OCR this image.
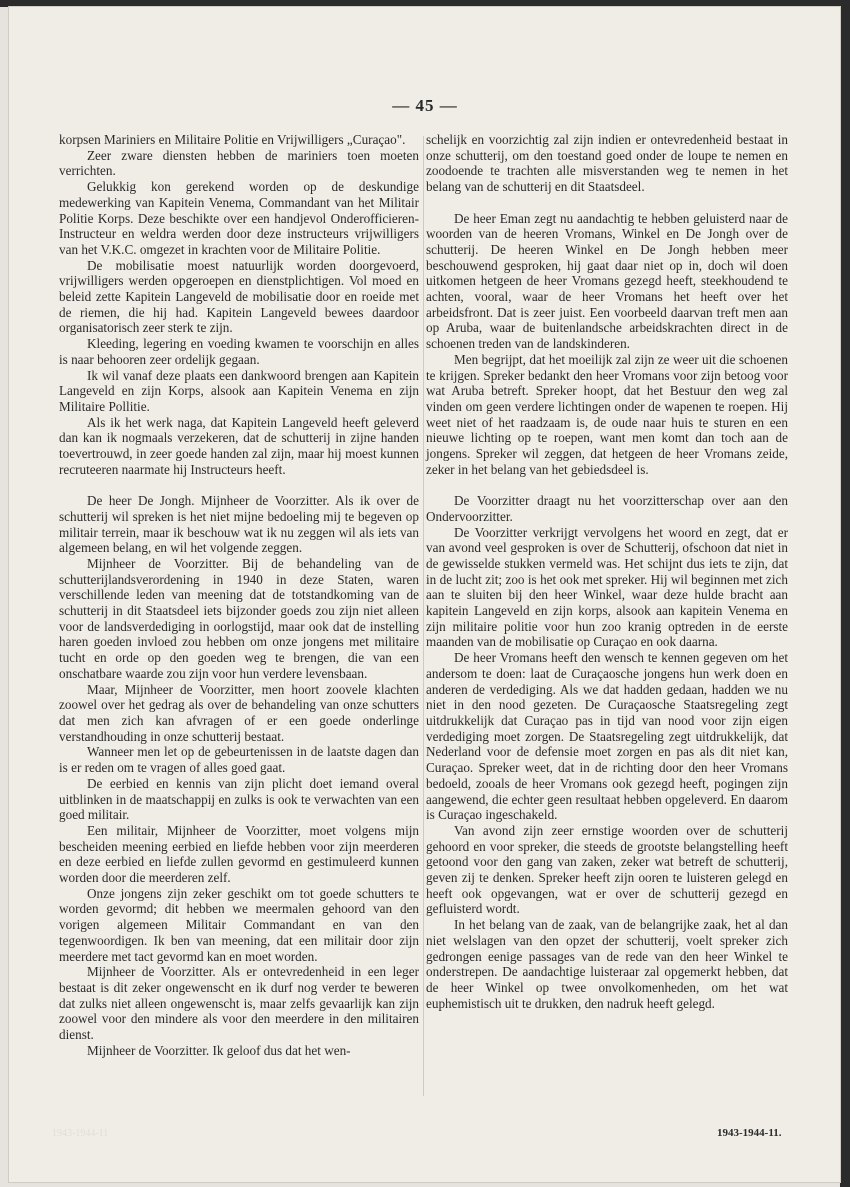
— 45 —

korpsen Mariniers en Militaire Politie en Vrijwilligers „Curaçao".

Zeer zware diensten hebben de mariniers toen moeten verrichten.

Gelukkig kon gerekend worden op de deskundige medewerking van Kapitein Venema, Commandant van het Militair Politie Korps. Deze beschikte over een handjevol Onderofficieren-Instructeur en weldra werden door deze instructeurs vrijwilligers van het V.K.C. omgezet in krachten voor de Militaire Politie.

De mobilisatie moest natuurlijk worden doorgevoerd, vrijwilligers werden opgeroepen en dienstplichtigen. Vol moed en beleid zette Kapitein Langeveld de mobilisatie door en roeide met de riemen, die hij had. Kapitein Langeveld bewees daardoor organisatorisch zeer sterk te zijn.

Kleeding, legering en voeding kwamen te voorschijn en alles is naar behooren zeer ordelijk gegaan.

Ik wil vanaf deze plaats een dankwoord brengen aan Kapitein Langeveld en zijn Korps, alsook aan Kapitein Venema en zijn Militaire Pollitie.

Als ik het werk naga, dat Kapitein Langeveld heeft geleverd dan kan ik nogmaals verzekeren, dat de schutterij in zijne handen toevertrouwd, in zeer goede handen zal zijn, maar hij moest kunnen recruteeren naarmate hij Instructeurs heeft.

De heer De Jongh. Mijnheer de Voorzitter. Als ik over de schutterij wil spreken is het niet mijne bedoeling mij te begeven op militair terrein, maar ik beschouw wat ik nu zeggen wil als iets van algemeen belang, en wil het volgende zeggen.

Mijnheer de Voorzitter. Bij de behandeling van de schutterijlandsverordening in 1940 in deze Staten, waren verschillende leden van meening dat de totstandkoming van de schutterij in dit Staatsdeel iets bijzonder goeds zou zijn niet alleen voor de landsverdediging in oorlogstijd, maar ook dat de instelling haren goeden invloed zou hebben om onze jongens met militaire tucht en orde op den goeden weg te brengen, die van een onschatbare waarde zou zijn voor hun verdere levensbaan.

Maar, Mijnheer de Voorzitter, men hoort zoovele klachten zoowel over het gedrag als over de behandeling van onze schutters dat men zich kan afvragen of er een goede onderlinge verstandhouding in onze schutterij bestaat.

Wanneer men let op de gebeurtenissen in de laatste dagen dan is er reden om te vragen of alles goed gaat.

De eerbied en kennis van zijn plicht doet iemand overal uitblinken in de maatschappij en zulks is ook te verwachten van een goed militair.

Een militair, Mijnheer de Voorzitter, moet volgens mijn bescheiden meening eerbied en liefde hebben voor zijn meerderen en deze eerbied en liefde zullen gevormd en gestimuleerd kunnen worden door die meerderen zelf.

Onze jongens zijn zeker geschikt om tot goede schutters te worden gevormd; dit hebben we meermalen gehoord van den vorigen algemeen Militair Commandant en van den tegenwoordigen. Ik ben van meening, dat een militair door zijn meerdere met tact gevormd kan en moet worden.

Mijnheer de Voorzitter. Als er ontevredenheid in een leger bestaat is dit zeker ongewenscht en ik durf nog verder te beweren dat zulks niet alleen ongewenscht is, maar zelfs gevaarlijk kan zijn zoowel voor den mindere als voor den meerdere in den militairen dienst.

Mijnheer de Voorzitter. Ik geloof dus dat het wen-

schelijk en voorzichtig zal zijn indien er ontevredenheid bestaat in onze schutterij, om den toestand goed onder de loupe te nemen en zoodoende te trachten alle misverstanden weg te nemen in het belang van de schutterij en dit Staatsdeel.

De heer Eman zegt nu aandachtig te hebben geluisterd naar de woorden van de heeren Vromans, Winkel en De Jongh over de schutterij. De heeren Winkel en De Jongh hebben meer beschouwend gesproken, hij gaat daar niet op in, doch wil doen uitkomen hetgeen de heer Vromans gezegd heeft, steekhoudend te achten, vooral, waar de heer Vromans het heeft over het arbeidsfront. Dat is zeer juist. Een voorbeeld daarvan treft men aan op Aruba, waar de buitenlandsche arbeidskrachten direct in de schoenen treden van de landskinderen.

Men begrijpt, dat het moeilijk zal zijn ze weer uit die schoenen te krijgen. Spreker bedankt den heer Vromans voor zijn betoog voor wat Aruba betreft. Spreker hoopt, dat het Bestuur den weg zal vinden om geen verdere lichtingen onder de wapenen te roepen. Hij weet niet of het raadzaam is, de oude naar huis te sturen en een nieuwe lichting op te roepen, want men komt dan toch aan de jongens. Spreker wil zeggen, dat hetgeen de heer Vromans zeide, zeker in het belang van het gebiedsdeel is.

De Voorzitter draagt nu het voorzitterschap over aan den Ondervoorzitter.

De Voorzitter verkrijgt vervolgens het woord en zegt, dat er van avond veel gesproken is over de Schutterij, ofschoon dat niet in de gewisselde stukken vermeld was. Het schijnt dus iets te zijn, dat in de lucht zit; zoo is het ook met spreker. Hij wil beginnen met zich aan te sluiten bij den heer Winkel, waar deze hulde bracht aan kapitein Langeveld en zijn korps, alsook aan kapitein Venema en zijn militaire politie voor hun zoo kranig optreden in de eerste maanden van de mobilisatie op Curaçao en ook daarna.

De heer Vromans heeft den wensch te kennen gegeven om het andersom te doen: laat de Curaçaosche jongens hun werk doen en anderen de verdediging. Als we dat hadden gedaan, hadden we nu niet in den nood gezeten. De Curaçaosche Staatsregeling zegt uitdrukkelijk dat Curaçao pas in tijd van nood voor zijn eigen verdediging moet zorgen. De Staatsregeling zegt uitdrukkelijk, dat Nederland voor de defensie moet zorgen en pas als dit niet kan, Curaçao. Spreker weet, dat in de richting door den heer Vromans bedoeld, zooals de heer Vromans ook gezegd heeft, pogingen zijn aangewend, die echter geen resultaat hebben opgeleverd. En daarom is Curaçao ingeschakeld.

Van avond zijn zeer ernstige woorden over de schutterij gehoord en voor spreker, die steeds de grootste belangstelling heeft getoond voor den gang van zaken, zeker wat betreft de schutterij, geven zij te denken. Spreker heeft zijn ooren te luisteren gelegd en heeft ook opgevangen, wat er over de schutterij gezegd en gefluisterd wordt.

In het belang van de zaak, van de belangrijke zaak, het al dan niet welslagen van den opzet der schutterij, voelt spreker zich gedrongen eenige passages van de rede van den heer Winkel te onderstrepen. De aandachtige luisteraar zal opgemerkt hebben, dat de heer Winkel op twee onvolkomenheden, om het wat euphemistisch uit te drukken, den nadruk heeft gelegd.

1943-1944-11	1943-1944-11.
